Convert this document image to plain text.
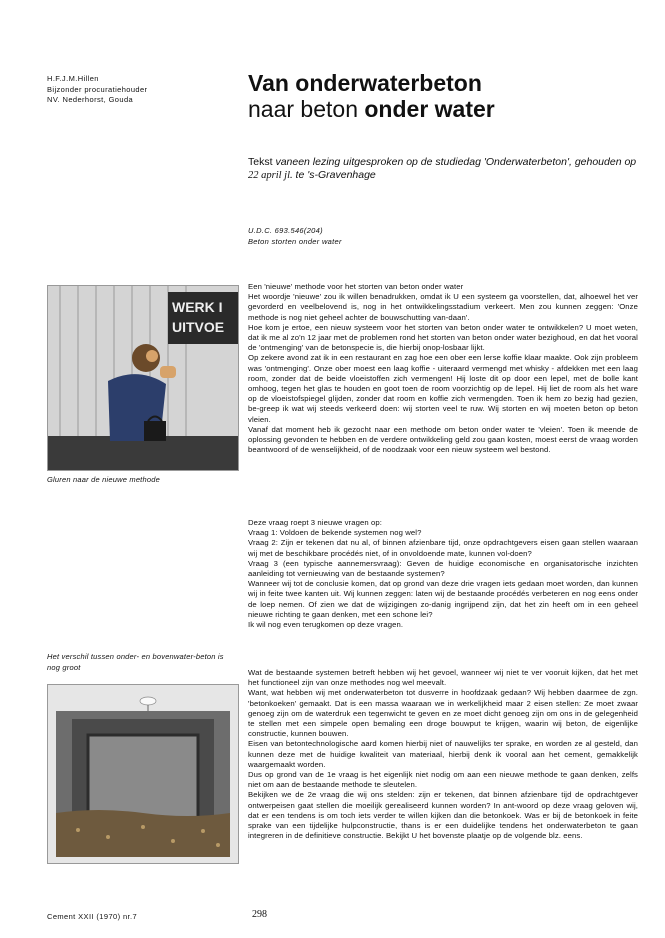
H.F.J.M.Hillen
Bijzonder procuratiehouder
NV. Nederhorst, Gouda
Van onderwaterbeton
naar beton onder water
Tekst vaneen lezing uitgesproken op de studiedag 'Onderwaterbeton', gehouden op 22 april jl. te 's-Gravenhage
U.D.C. 693.546(204)
Beton storten onder water
WERK I
UITVOE
Gluren naar de nieuwe methode
Het verschil tussen onder- en bovenwater-beton is nog groot

Een 'nieuwe' methode voor het storten van beton onder water

Het woordje 'nieuwe' zou ik willen benadrukken, omdat ik U een systeem ga voorstellen, dat, alhoewel het ver gevorderd en veelbelovend is, nog in het ontwikkelingsstadium verkeert. Men zou kunnen zeggen: 'Onze methode is nog niet geheel achter de bouwschutting van-daan'.

Hoe kom je ertoe, een nieuw systeem voor het storten van beton onder water te ontwikkelen? U moet weten, dat ik me al zo'n 12 jaar met de problemen rond het storten van beton onder water bezighoud, en dat het vooral de 'ontmenging' van de betonspecie is, die hierbij onop-losbaar lijkt.

Op zekere avond zat ik in een restaurant en zag hoe een ober een lerse koffie klaar maakte. Ook zijn probleem was 'ontmenging'. Onze ober moest een laag koffie - uiteraard vermengd met whisky - afdekken met een laag room, zonder dat de beide vloeistoffen zich vermengen! Hij loste dit op door een lepel, met de bolle kant omhoog, tegen het glas te houden en goot toen de room voorzichtig op de lepel. Hij liet de room als het ware op de vloeistofspiegel glijden, zonder dat room en koffie zich vermengden. Toen ik hem zo bezig had gezien, be-greep ik wat wij steeds verkeerd doen: wij storten veel te ruw. Wij storten en wij moeten beton op beton vleien.

Vanaf dat moment heb ik gezocht naar een methode om beton onder water te 'vleien'. Toen ik meende de oplossing gevonden te hebben en de verdere ontwikkeling geld zou gaan kosten, moest eerst de vraag worden beantwoord of de wenselijkheid, of de noodzaak voor een nieuw systeem wel bestond.

Deze vraag roept 3 nieuwe vragen op:

Vraag 1: Voldoen de bekende systemen nog wel?

Vraag 2: Zijn er tekenen dat nu al, of binnen afzienbare tijd, onze opdrachtgevers eisen gaan stellen waaraan wij met de beschikbare procédés niet, of in onvoldoende mate, kunnen vol-doen?

Vraag 3 (een typische aannemersvraag): Geven de huidige economische en organisatorische inzichten aanleiding tot vernieuwing van de bestaande systemen?

Wanneer wij tot de conclusie komen, dat op grond van deze drie vragen iets gedaan moet worden, dan kunnen wij in feite twee kanten uit. Wij kunnen zeggen: laten wij de bestaande procédés verbeteren en nog eens onder de loep nemen. Of zien we dat de wijzigingen zo-danig ingrijpend zijn, dat het zin heeft om in een geheel nieuwe richting te gaan denken, met een schone lei?

Ik wil nog even terugkomen op deze vragen.

Wat de bestaande systemen betreft hebben wij het gevoel, wanneer wij niet te ver vooruit kijken, dat het met het functioneel zijn van onze methodes nog wel meevalt.

Want, wat hebben wij met onderwaterbeton tot dusverre in hoofdzaak gedaan? Wij hebben daarmee de zgn. 'betonkoeken' gemaakt. Dat is een massa waaraan we in werkelijkheid maar 2 eisen stellen: Ze moet zwaar genoeg zijn om de waterdruk een tegenwicht te geven en ze moet dicht genoeg zijn om ons in de gelegenheid te stellen met een simpele open bemaling een droge bouwput te krijgen, waarin wij beton, de eigenlijke constructie, kunnen bouwen.

Eisen van betontechnologische aard komen hierbij niet of nauwelijks ter sprake, en worden ze al gesteld, dan kunnen deze met de huidige kwaliteit van materiaal, hierbij denk ik vooral aan het cement, gemakkelijk waargemaakt worden.

Dus op grond van de 1e vraag is het eigenlijk niet nodig om aan een nieuwe methode te gaan denken, zelfs niet om aan de bestaande methode te sleutelen.

Bekijken we de 2e vraag die wij ons stelden: zijn er tekenen, dat binnen afzienbare tijd de opdrachtgever ontwerpeisen gaat stellen die moeilijk gerealiseerd kunnen worden? In ant-woord op deze vraag geloven wij, dat er een tendens is om toch iets verder te willen kijken dan die betonkoek. Was er bij de betonkoek in feite sprake van een tijdelijke hulpconstructie, thans is er een duidelijke tendens het onderwaterbeton te gaan integreren in de definitieve constructie. Bekijkt U het bovenste plaatje op de volgende blz. eens.

Cement XXII (1970) nr.7	298
